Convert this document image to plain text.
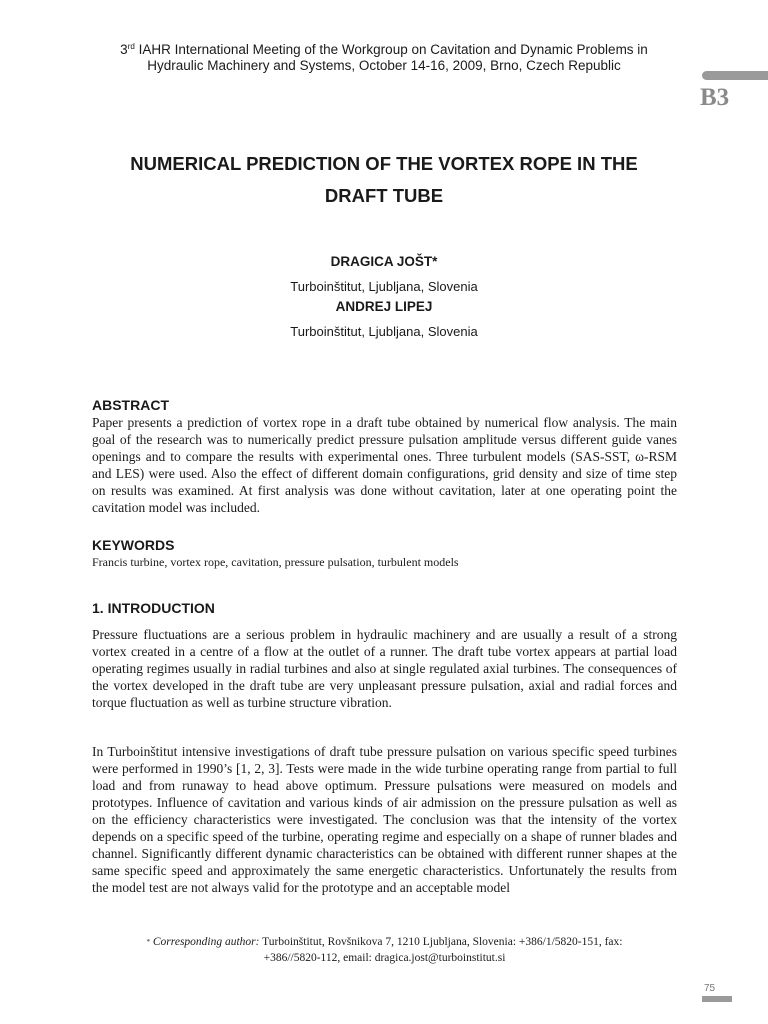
3rd IAHR International Meeting of the Workgroup on Cavitation and Dynamic Problems in
Hydraulic Machinery and Systems, October 14-16, 2009, Brno, Czech Republic
B3
NUMERICAL PREDICTION OF THE VORTEX ROPE IN THE
DRAFT TUBE
DRAGICA JOŠT*
Turboinštitut, Ljubljana, Slovenia
ANDREJ LIPEJ
Turboinštitut, Ljubljana, Slovenia
ABSTRACT
Paper presents a prediction of vortex rope in a draft tube obtained by numerical flow analysis. The main goal of the research was to numerically predict pressure pulsation amplitude versus different guide vanes openings and to compare the results with experimental ones. Three turbulent models (SAS-SST, ω-RSM and LES) were used. Also the effect of different domain configurations, grid density and size of time step on results was examined. At first analysis was done without cavitation, later at one operating point the cavitation model was included.
KEYWORDS
Francis turbine, vortex rope, cavitation, pressure pulsation, turbulent models
1. INTRODUCTION
Pressure fluctuations are a serious problem in hydraulic machinery and are usually a result of a strong vortex created in a centre of a flow at the outlet of a runner. The draft tube vortex appears at partial load operating regimes usually in radial turbines and also at single regulated axial turbines. The consequences of the vortex developed in the draft tube are very unpleasant pressure pulsation, axial and radial forces and torque fluctuation as well as turbine structure vibration.
In Turboinštitut intensive investigations of draft tube pressure pulsation on various specific speed turbines were performed in 1990’s [1, 2, 3]. Tests were made in the wide turbine operating range from partial to full load and from runaway to head above optimum. Pressure pulsations were measured on models and prototypes. Influence of cavitation and various kinds of air admission on the pressure pulsation as well as on the efficiency characteristics were investigated. The conclusion was that the intensity of the vortex depends on a specific speed of the turbine, operating regime and especially on a shape of runner blades and channel. Significantly different dynamic characteristics can be obtained with different runner shapes at the same specific speed and approximately the same energetic characteristics. Unfortunately the results from the model test are not always valid for the prototype and an acceptable model
* Corresponding author: Turboinštitut, Rovšnikova 7, 1210 Ljubljana, Slovenia: +386/1/5820-151, fax:
+386//5820-112, email: dragica.jost@turboinstitut.si
75
